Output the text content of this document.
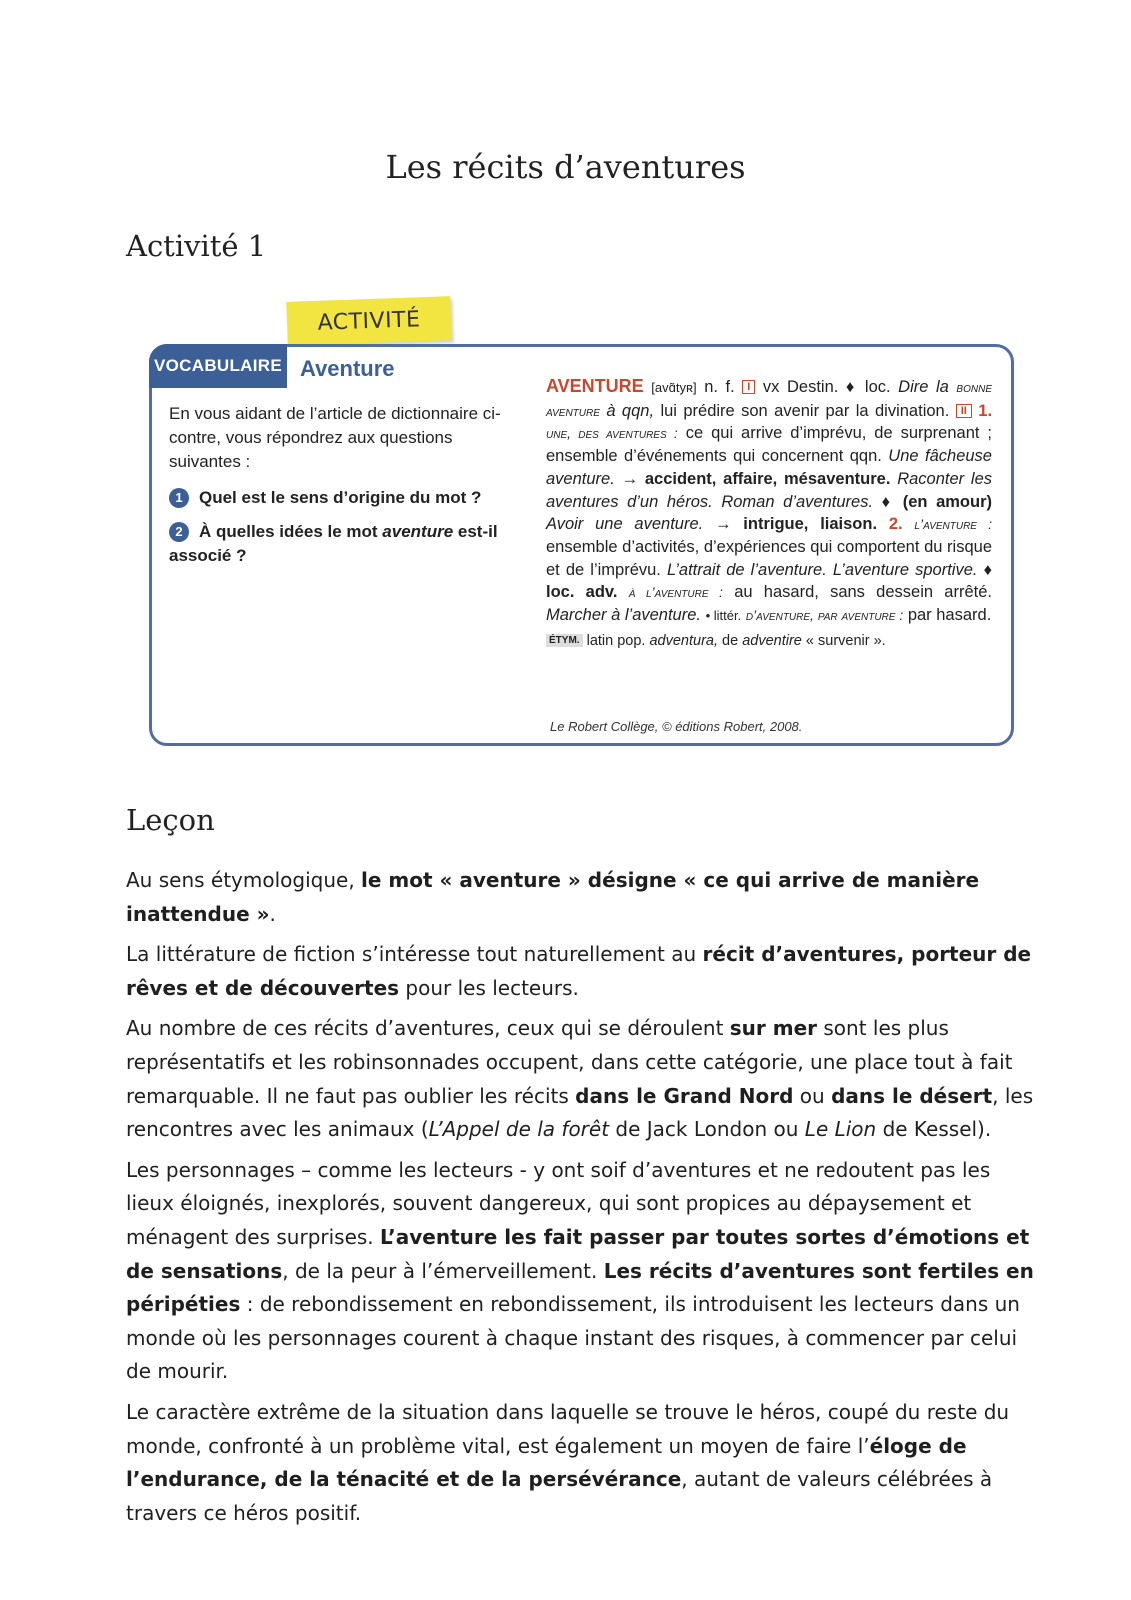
Les récits d’aventures
Activité 1
ACTIVITÉ
VOCABULAIRE Aventure

En vous aidant de l’article de dictionnaire ci-contre, vous répondrez aux questions suivantes :

1 Quel est le sens d’origine du mot ?
2 À quelles idées le mot aventure est-il associé ?

AVENTURE [avɑ̃tyʀ] n. f. I vx Destin. ♦ loc. Dire la bonne aventure à qqn, lui prédire son avenir par la divination. II 1. une, des aventures : ce qui arrive d’imprévu, de surprenant ; ensemble d’événements qui concernent qqn. Une fâcheuse aventure. → accident, affaire, mésaventure. Raconter les aventures d’un héros. Roman d’aventures. ♦ (en amour) Avoir une aventure. → intrigue, liaison. 2. l’aventure : ensemble d’activités, d’expériences qui comportent du risque et de l’imprévu. L’attrait de l’aventure. L’aventure sportive. ♦ loc. adv. à l’aventure : au hasard, sans dessein arrêté. Marcher à l’aventure. • littér. d’aventure, par aventure : par hasard.

ÉTYM. latin pop. adventura, de adventire « survenir ».

Le Robert Collège, © éditions Robert, 2008.
Leçon

Au sens étymologique, le mot « aventure » désigne « ce qui arrive de manière inattendue ».

La littérature de fiction s’intéresse tout naturellement au récit d’aventures, porteur de rêves et de découvertes pour les lecteurs.

Au nombre de ces récits d’aventures, ceux qui se déroulent sur mer sont les plus représentatifs et les robinsonnades occupent, dans cette catégorie, une place tout à fait remarquable. Il ne faut pas oublier les récits dans le Grand Nord ou dans le désert, les rencontres avec les animaux (L’Appel de la forêt de Jack London ou Le Lion de Kessel).

Les personnages – comme les lecteurs - y ont soif d’aventures et ne redoutent pas les lieux éloignés, inexplorés, souvent dangereux, qui sont propices au dépaysement et ménagent des surprises. L’aventure les fait passer par toutes sortes d’émotions et de sensations, de la peur à l’émerveillement. Les récits d’aventures sont fertiles en péripéties : de rebondissement en rebondissement, ils introduisent les lecteurs dans un monde où les personnages courent à chaque instant des risques, à commencer par celui de mourir.

Le caractère extrême de la situation dans laquelle se trouve le héros, coupé du reste du monde, confronté à un problème vital, est également un moyen de faire l’éloge de l’endurance, de la ténacité et de la persévérance, autant de valeurs célébrées à travers ce héros positif.
